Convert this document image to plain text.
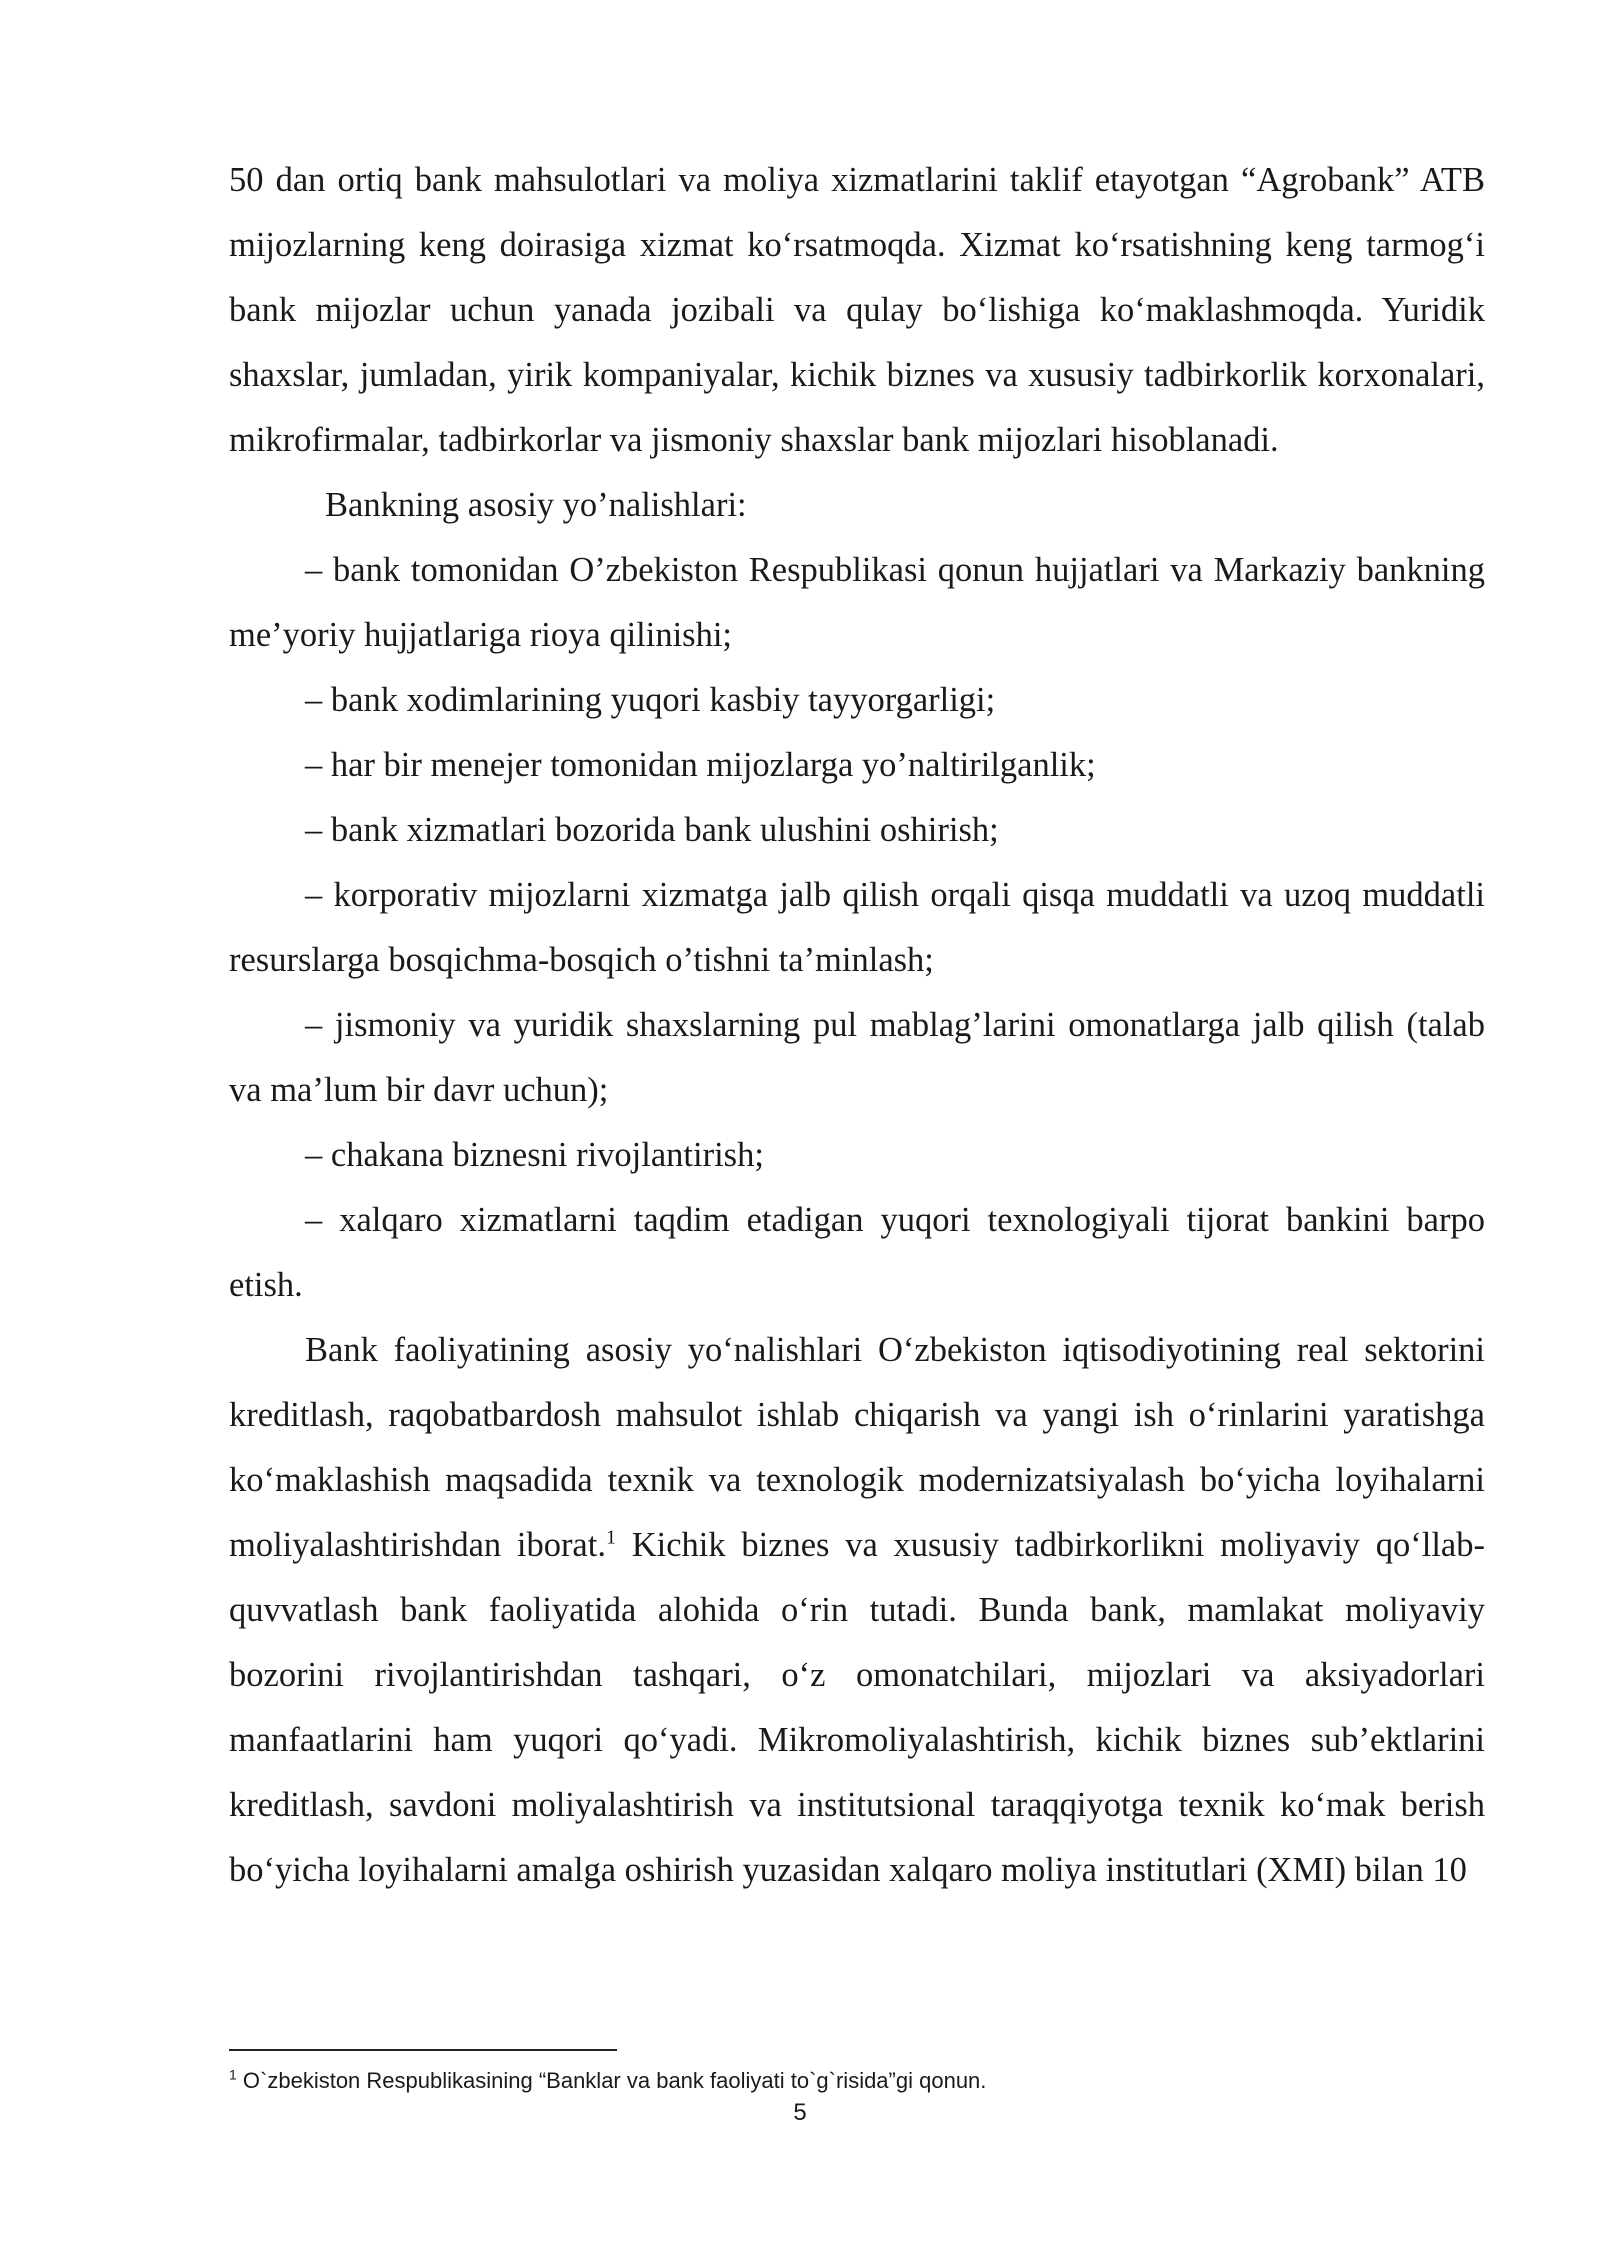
50 dan ortiq bank mahsulotlari va moliya xizmatlarini taklif etayotgan “Agrobank” ATB mijozlarning keng doirasiga xizmat ko‘rsatmoqda. Xizmat ko‘rsatishning keng tarmog‘i bank mijozlar uchun yanada jozibali va qulay bo‘lishiga ko‘maklashmoqda. Yuridik shaxslar, jumladan, yirik kompaniyalar, kichik biznes va xususiy tadbirkorlik korxonalari, mikrofirmalar, tadbirkorlar va jismoniy shaxslar bank mijozlari hisoblanadi.

Bankning asosiy yo’nalishlari:

– bank tomonidan O’zbekiston Respublikasi qonun hujjatlari va Markaziy bankning me’yoriy hujjatlariga rioya qilinishi;

– bank xodimlarining yuqori kasbiy tayyorgarligi;

– har bir menejer tomonidan mijozlarga yo’naltirilganlik;

– bank xizmatlari bozorida bank ulushini oshirish;

– korporativ mijozlarni xizmatga jalb qilish orqali qisqa muddatli va uzoq muddatli resurslarga bosqichma-bosqich o’tishni ta’minlash;

– jismoniy va yuridik shaxslarning pul mablag’larini omonatlarga jalb qilish (talab va ma’lum bir davr uchun);

– chakana biznesni rivojlantirish;

– xalqaro xizmatlarni taqdim etadigan yuqori texnologiyali tijorat bankini barpo etish.

Bank faoliyatining asosiy yo‘nalishlari O‘zbekiston iqtisodiyotining real sektorini kreditlash, raqobatbardosh mahsulot ishlab chiqarish va yangi ish o‘rinlarini yaratishga ko‘maklashish maqsadida texnik va texnologik modernizatsiyalash bo‘yicha loyihalarni moliyalashtirishdan iborat.$^1$ Kichik biznes va xususiy tadbirkorlikni moliyaviy qo‘llab-quvvatlash bank faoliyatida alohida o‘rin tutadi. Bunda bank, mamlakat moliyaviy bozorini rivojlantirishdan tashqari, o‘z omonatchilari, mijozlari va aksiyadorlari manfaatlarini ham yuqori qo‘yadi. Mikromoliyalashtirish, kichik biznes sub’ektlarini kreditlash, savdoni moliyalashtirish va institutsional taraqqiyotga texnik ko‘mak berish bo‘yicha loyihalarni amalga oshirish yuzasidan xalqaro moliya institutlari (XMI) bilan 10

$^1$ O`zbekiston Respublikasining “Banklar va bank faoliyati to`g`risida”gi qonun.
5
